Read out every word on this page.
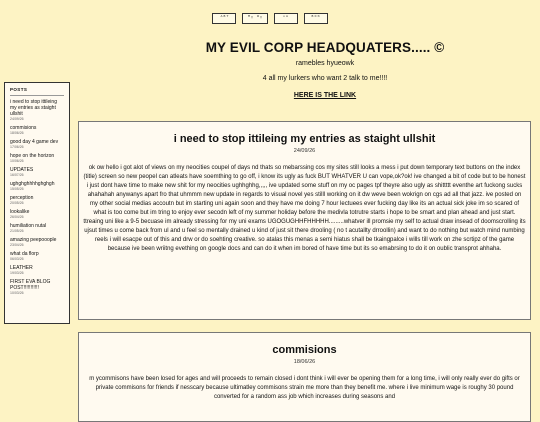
ᴬᴮᵀ	ᴹᵞ ᵂᵞ	ᵛᴬ	ᴮᴼᴳ
MY EVIL CORP HEADQUATERS..... ©

ramebles hyueowk

4 all my lurkers who want 2 talk to me!!!!

HERE IS THE LINK
POSTS
i need to stop ittileing my entries as staight ullshit
24/09/26
commisions
18/06/26
good day 4 game dev
17/06/26
hope on the horizon
10/06/26
UPDATES
16/07/26
ughghghhhhghghgh
15/05/26
perception
20/05/26
lookalike
26/04/26
humiliation nutal
21/05/26
amazing peepooople
23/04/26
what da florp
06/03/26
LEATHER
19/03/26
FIRST EVA BLOG POST!!!!!!!!!!!
10/03/26
i need to stop ittileing my entries as staight ullshit

24/09/26

ok ow hello i got alot of views on my neocities coupel of days nd thats so mebarssing cos my sites still looks a mess i put down temporary text buttons on the index (title) screen so new peopel can atleats have soemthing to go off, i know its ugly as fuck BUT WHATVER U can vope,ok?ok! ive changed a bit of code but to be honest i just dont have time to make new shit for my neocities ughhghhg,,,,, ive updated some stuff on my oc pages tpf theyre also ugly as shittttt eventhe art fuckong sucks ahahahah anywanys apart fro that uhmmm new update in regards to visual novel yes stilll working on it dw weve been wokrign on cgs ad all that jazz. ive posted on my other social medias accoutn but im starting uni again soon and they have me doing 7 hour lectuees ever fucking day like its an actual sick joke im so scared of what is too come but im tring to enjoy ever secodn left of my summer holiday before the medivla totrutre starts i hope to be smart and plan ahead and just start. ttreaing uni like a 9-5 becuase im already stressing for my uni exams UGOGUGHHFHHHHH.........whatver ill promsie my self to actual draw insead of doomscrolling its ujsut times u come back from ul and u feel so mentally drained u kind of just sit there drooling ( no t acutallty drroollin) and want to do nothing but watch mind numbing reels i will esacpe out of this and drw or do soehting creative. so atalas this menas a semi hiatus shall be tkaingpalce i wills till work on zhe scrtipz of the game because ive been wriitng evething on google docs and can do it when im bored of have time but its so emabrsing to do it on oublic transprot ahhaha.

commisions

18/06/26

m ycommisons have been losed for ages and will proceeds to remain closed i dont think i will ever be opening them for a long time, i will only really ever do gifts or private commisons for friends if nesscary because ultimatley commisons strain me more than they benefit me. where i live minimum wage is roughy 30 pound converted for a random ass job which increases during seasons and
